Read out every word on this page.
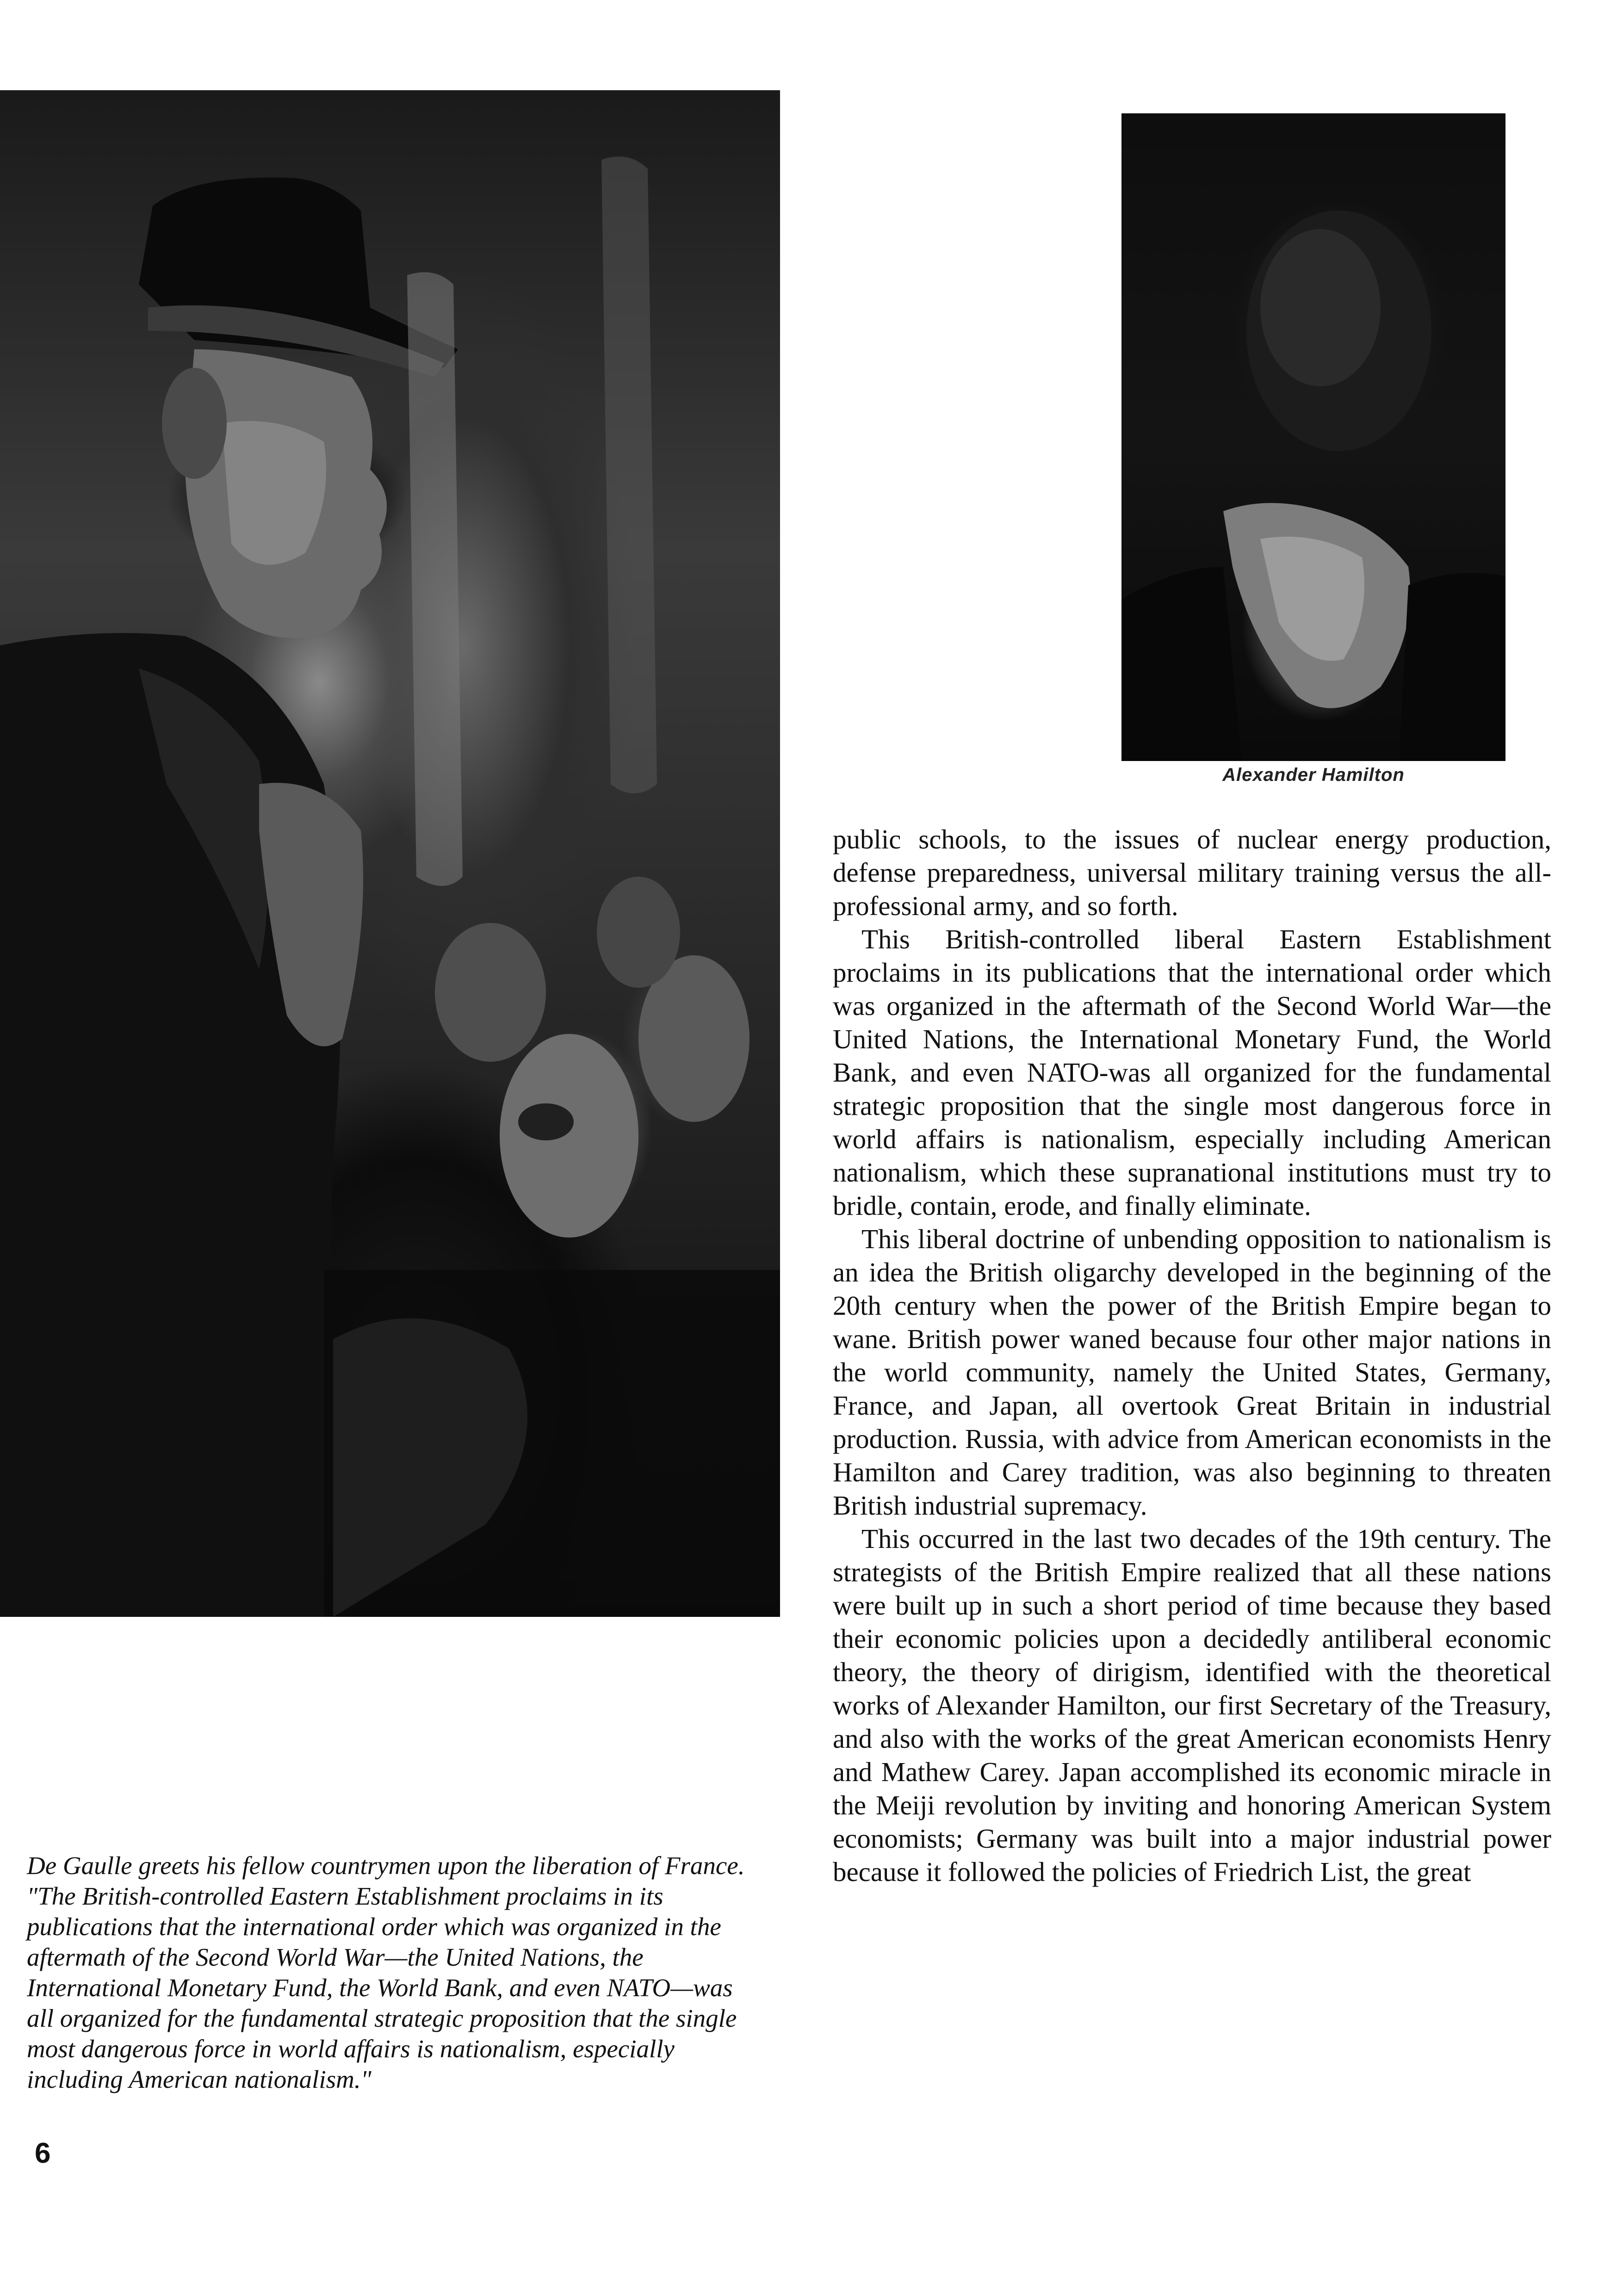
Alexander Hamilton
De Gaulle greets his fellow countrymen upon the liberation of France. "The British-controlled Eastern Establishment proclaims in its publications that the international order which was organized in the aftermath of the Second World War—the United Nations, the International Monetary Fund, the World Bank, and even NATO—was all organized for the fundamental strategic proposition that the single most dangerous force in world affairs is nationalism, especially including American nationalism."

public schools, to the issues of nuclear energy production, defense preparedness, universal military training versus the all-professional army, and so forth.

This British-controlled liberal Eastern Establishment proclaims in its publications that the international order which was organized in the aftermath of the Second World War—the United Nations, the International Monetary Fund, the World Bank, and even NATO-was all organized for the fundamental strategic proposition that the single most dangerous force in world affairs is nationalism, especially including American nationalism, which these supranational institutions must try to bridle, contain, erode, and finally eliminate.

This liberal doctrine of unbending opposition to nationalism is an idea the British oligarchy developed in the beginning of the 20th century when the power of the British Empire began to wane. British power waned because four other major nations in the world community, namely the United States, Germany, France, and Japan, all overtook Great Britain in industrial production. Russia, with advice from American economists in the Hamilton and Carey tradition, was also beginning to threaten British industrial supremacy.

This occurred in the last two decades of the 19th century. The strategists of the British Empire realized that all these nations were built up in such a short period of time because they based their economic policies upon a decidedly antiliberal economic theory, the theory of dirigism, identified with the theoretical works of Alexander Hamilton, our first Secretary of the Treasury, and also with the works of the great American economists Henry and Mathew Carey. Japan accomplished its economic miracle in the Meiji revolution by inviting and honoring American System economists; Germany was built into a major industrial power because it followed the policies of Friedrich List, the great

6
